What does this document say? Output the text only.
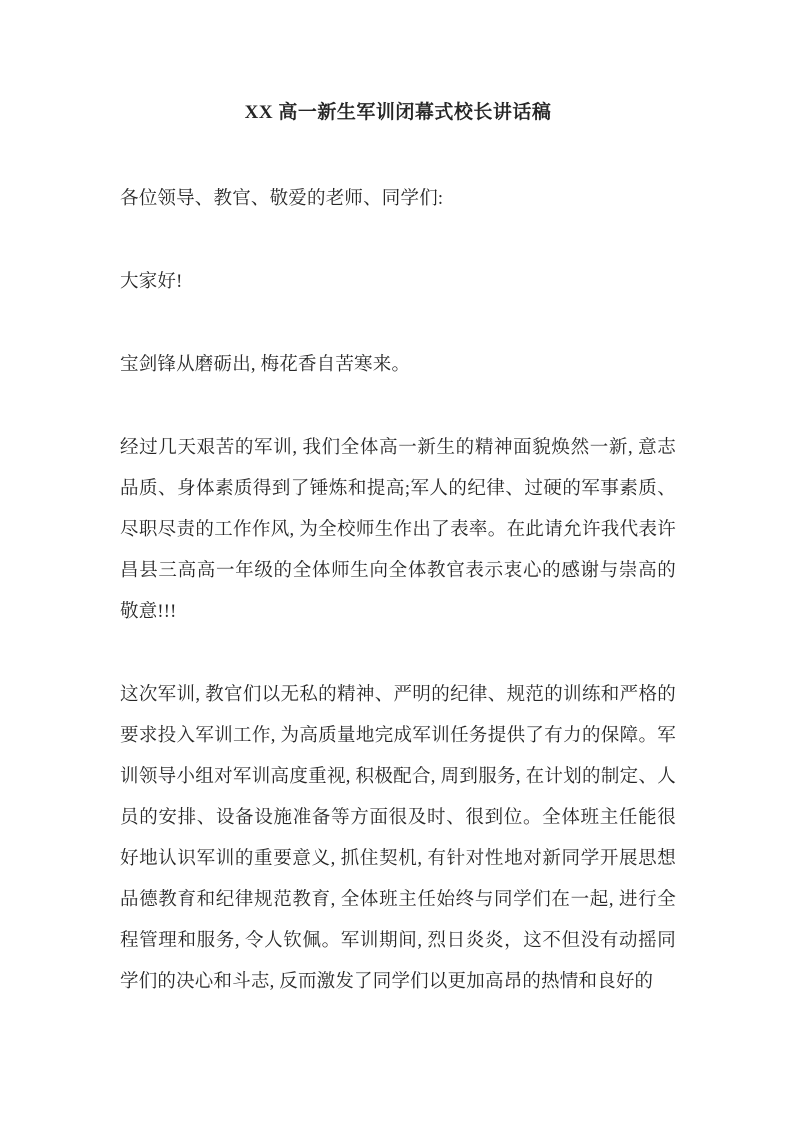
XX 高一新生军训闭幕式校长讲话稿

各位领导、教官、敬爱的老师、同学们:

大家好!

宝剑锋从磨砺出, 梅花香自苦寒来。

经过几天艰苦的军训, 我们全体高一新生的精神面貌焕然一新, 意志品质、身体素质得到了锤炼和提高;军人的纪律、过硬的军事素质、尽职尽责的工作作风, 为全校师生作出了表率。在此请允许我代表许昌县三高高一年级的全体师生向全体教官表示衷心的感谢与崇高的敬意!!!

这次军训, 教官们以无私的精神、严明的纪律、规范的训练和严格的要求投入军训工作, 为高质量地完成军训任务提供了有力的保障。军训领导小组对军训高度重视, 积极配合, 周到服务, 在计划的制定、人员的安排、设备设施准备等方面很及时、很到位。全体班主任能很好地认识军训的重要意义, 抓住契机, 有针对性地对新同学开展思想品德教育和纪律规范教育, 全体班主任始终与同学们在一起, 进行全程管理和服务, 令人钦佩。军训期间, 烈日炎炎，这不但没有动摇同学们的决心和斗志, 反而激发了同学们以更加高昂的热情和良好的
